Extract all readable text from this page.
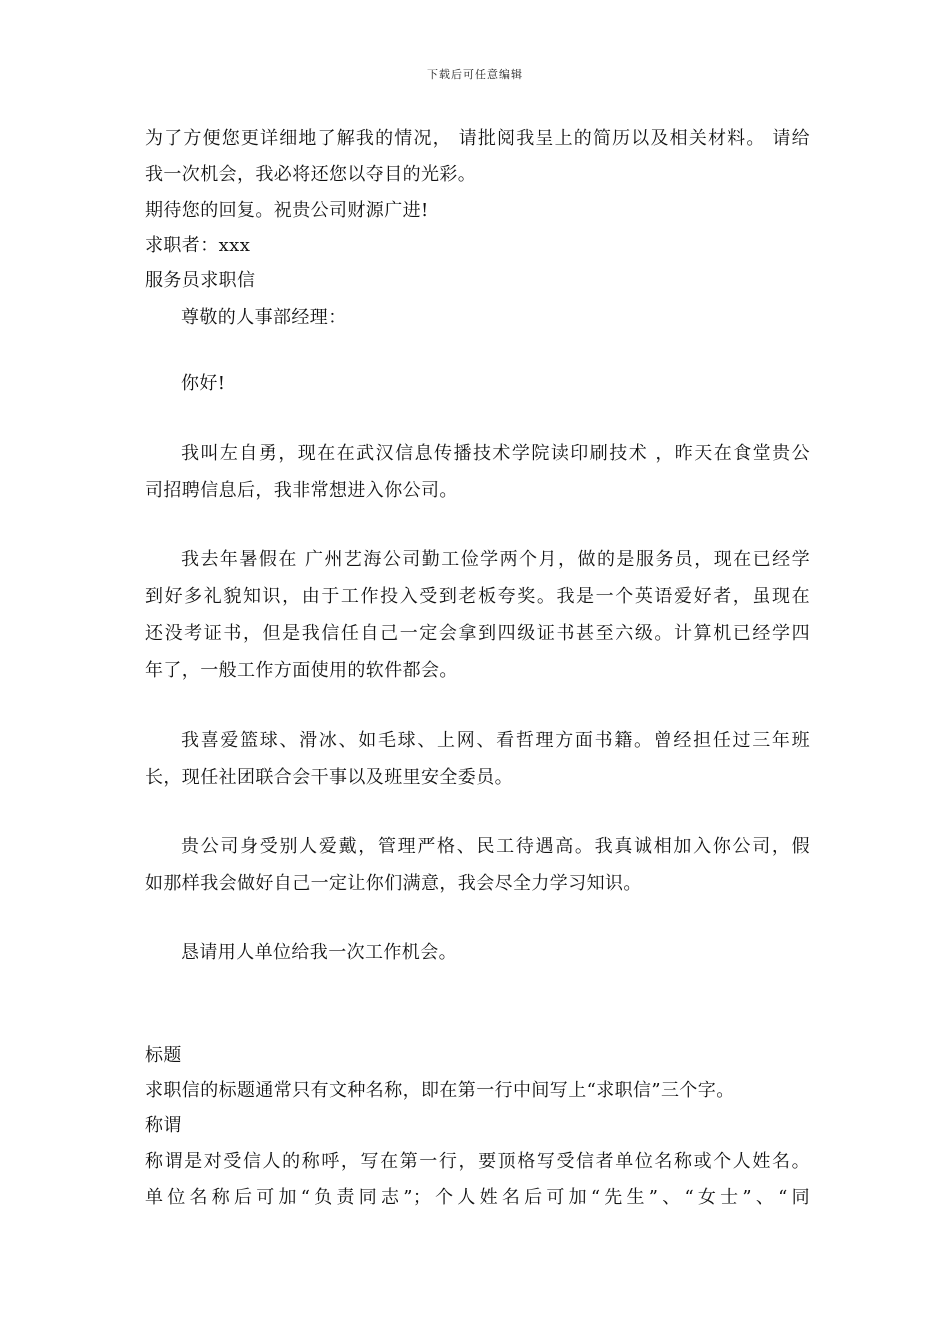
下载后可任意编辑
为了方便您更详细地了解我的情况， 请批阅我呈上的简历以及相关材料。 请给
我一次机会，我必将还您以夺目的光彩。
期待您的回复。祝贵公司财源广进!
求职者：xxx
服务员求职信
尊敬的人事部经理：
你好!
我叫左自勇，现在在武汉信息传播技术学院读印刷技术 ，昨天在食堂贵公
司招聘信息后，我非常想进入你公司。
我去年暑假在 广州艺海公司勤工俭学两个月，做的是服务员，现在已经学
到好多礼貌知识，由于工作投入受到老板夸奖。我是一个英语爱好者，虽现在
还没考证书，但是我信任自己一定会拿到四级证书甚至六级。计算机已经学四
年了，一般工作方面使用的软件都会。
我喜爱篮球、滑冰、如毛球、上网、看哲理方面书籍。曾经担任过三年班
长，现任社团联合会干事以及班里安全委员。
贵公司身受别人爱戴，管理严格、民工待遇高。我真诚相加入你公司，假
如那样我会做好自己一定让你们满意，我会尽全力学习知识。
恳请用人单位给我一次工作机会。
标题
求职信的标题通常只有文种名称，即在第一行中间写上“求职信”三个字。
称谓
称谓是对受信人的称呼，写在第一行，要顶格写受信者单位名称或个人姓名。
单位名称后可加“负责同志”；个人姓名后可加“先生”、“女士”、“同
